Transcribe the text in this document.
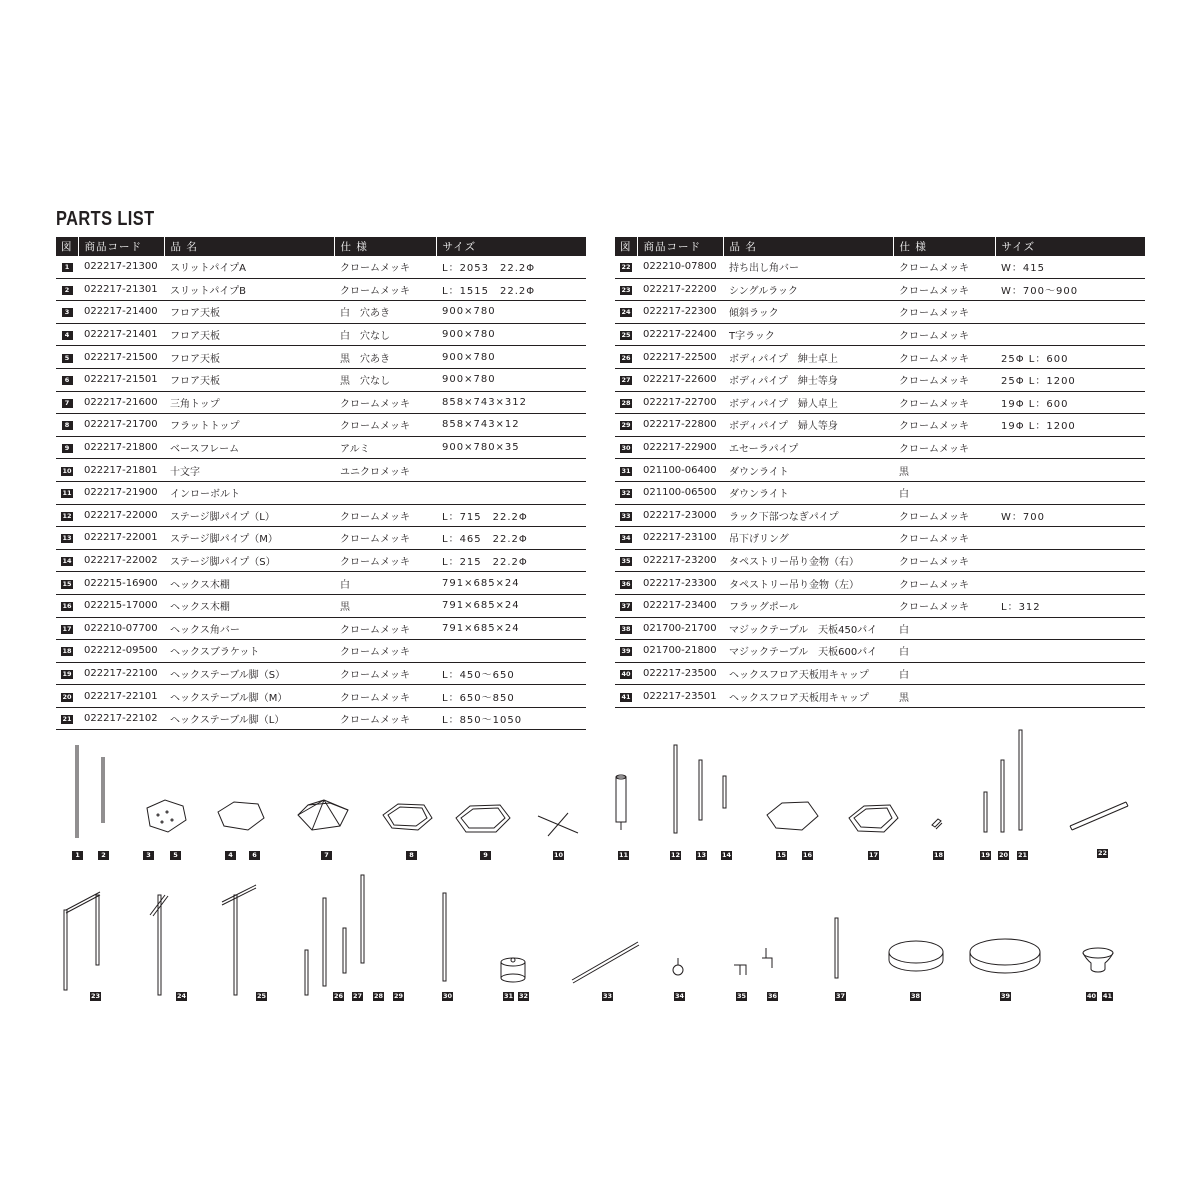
PARTS LIST
図	商品コード	品 名	仕 様	サイズ
1	022217-21300	スリットパイプA	クロームメッキ	L：2053　22.2Φ
2	022217-21301	スリットパイプB	クロームメッキ	L：1515　22.2Φ
3	022217-21400	フロア天板	白　穴あき	900×780
4	022217-21401	フロア天板	白　穴なし	900×780
5	022217-21500	フロア天板	黒　穴あき	900×780
6	022217-21501	フロア天板	黒　穴なし	900×780
7	022217-21600	三角トップ	クロームメッキ	858×743×312
8	022217-21700	フラットトップ	クロームメッキ	858×743×12
9	022217-21800	ベースフレーム	アルミ	900×780×35
10	022217-21801	十文字	ユニクロメッキ	
11	022217-21900	インローボルト		
12	022217-22000	ステージ脚パイプ（L）	クロームメッキ	L：715　22.2Φ
13	022217-22001	ステージ脚パイプ（M）	クロームメッキ	L：465　22.2Φ
14	022217-22002	ステージ脚パイプ（S）	クロームメッキ	L：215　22.2Φ
15	022215-16900	ヘックス木棚	白	791×685×24
16	022215-17000	ヘックス木棚	黒	791×685×24
17	022210-07700	ヘックス角バー	クロームメッキ	791×685×24
18	022212-09500	ヘックスブラケット	クロームメッキ	
19	022217-22100	ヘックステーブル脚（S）	クロームメッキ	L：450〜650
20	022217-22101	ヘックステーブル脚（M）	クロームメッキ	L：650〜850
21	022217-22102	ヘックステーブル脚（L）	クロームメッキ	L：850〜1050
図	商品コード	品 名	仕 様	サイズ
22	022210-07800	持ち出し角バー	クロームメッキ	W：415
23	022217-22200	シングルラック	クロームメッキ	W：700〜900
24	022217-22300	傾斜ラック	クロームメッキ	
25	022217-22400	T字ラック	クロームメッキ	
26	022217-22500	ボディパイプ　紳士卓上	クロームメッキ	25Φ L：600
27	022217-22600	ボディパイプ　紳士等身	クロームメッキ	25Φ L：1200
28	022217-22700	ボディパイプ　婦人卓上	クロームメッキ	19Φ L：600
29	022217-22800	ボディパイプ　婦人等身	クロームメッキ	19Φ L：1200
30	022217-22900	エセーラパイプ	クロームメッキ	
31	021100-06400	ダウンライト	黒	
32	021100-06500	ダウンライト	白	
33	022217-23000	ラック下部つなぎパイプ	クロームメッキ	W：700
34	022217-23100	吊下げリング	クロームメッキ	
35	022217-23200	タペストリー吊り金物（右）	クロームメッキ	
36	022217-23300	タペストリー吊り金物（左）	クロームメッキ	
37	022217-23400	フラッグポール	クロームメッキ	L：312
38	021700-21700	マジックテーブル　天板450パイ	白	
39	021700-21800	マジックテーブル　天板600パイ	白	
40	022217-23500	ヘックスフロア天板用キャップ	白	
41	022217-23501	ヘックスフロア天板用キャップ	黒	
1	2	3	5	4	6	7	8	9	10	11	12	13 14	15	16	17	18	19 20 21	22
23	24	25	26 27 28 29	30	31 32	33	34	35	36	37	38	39	40 41
